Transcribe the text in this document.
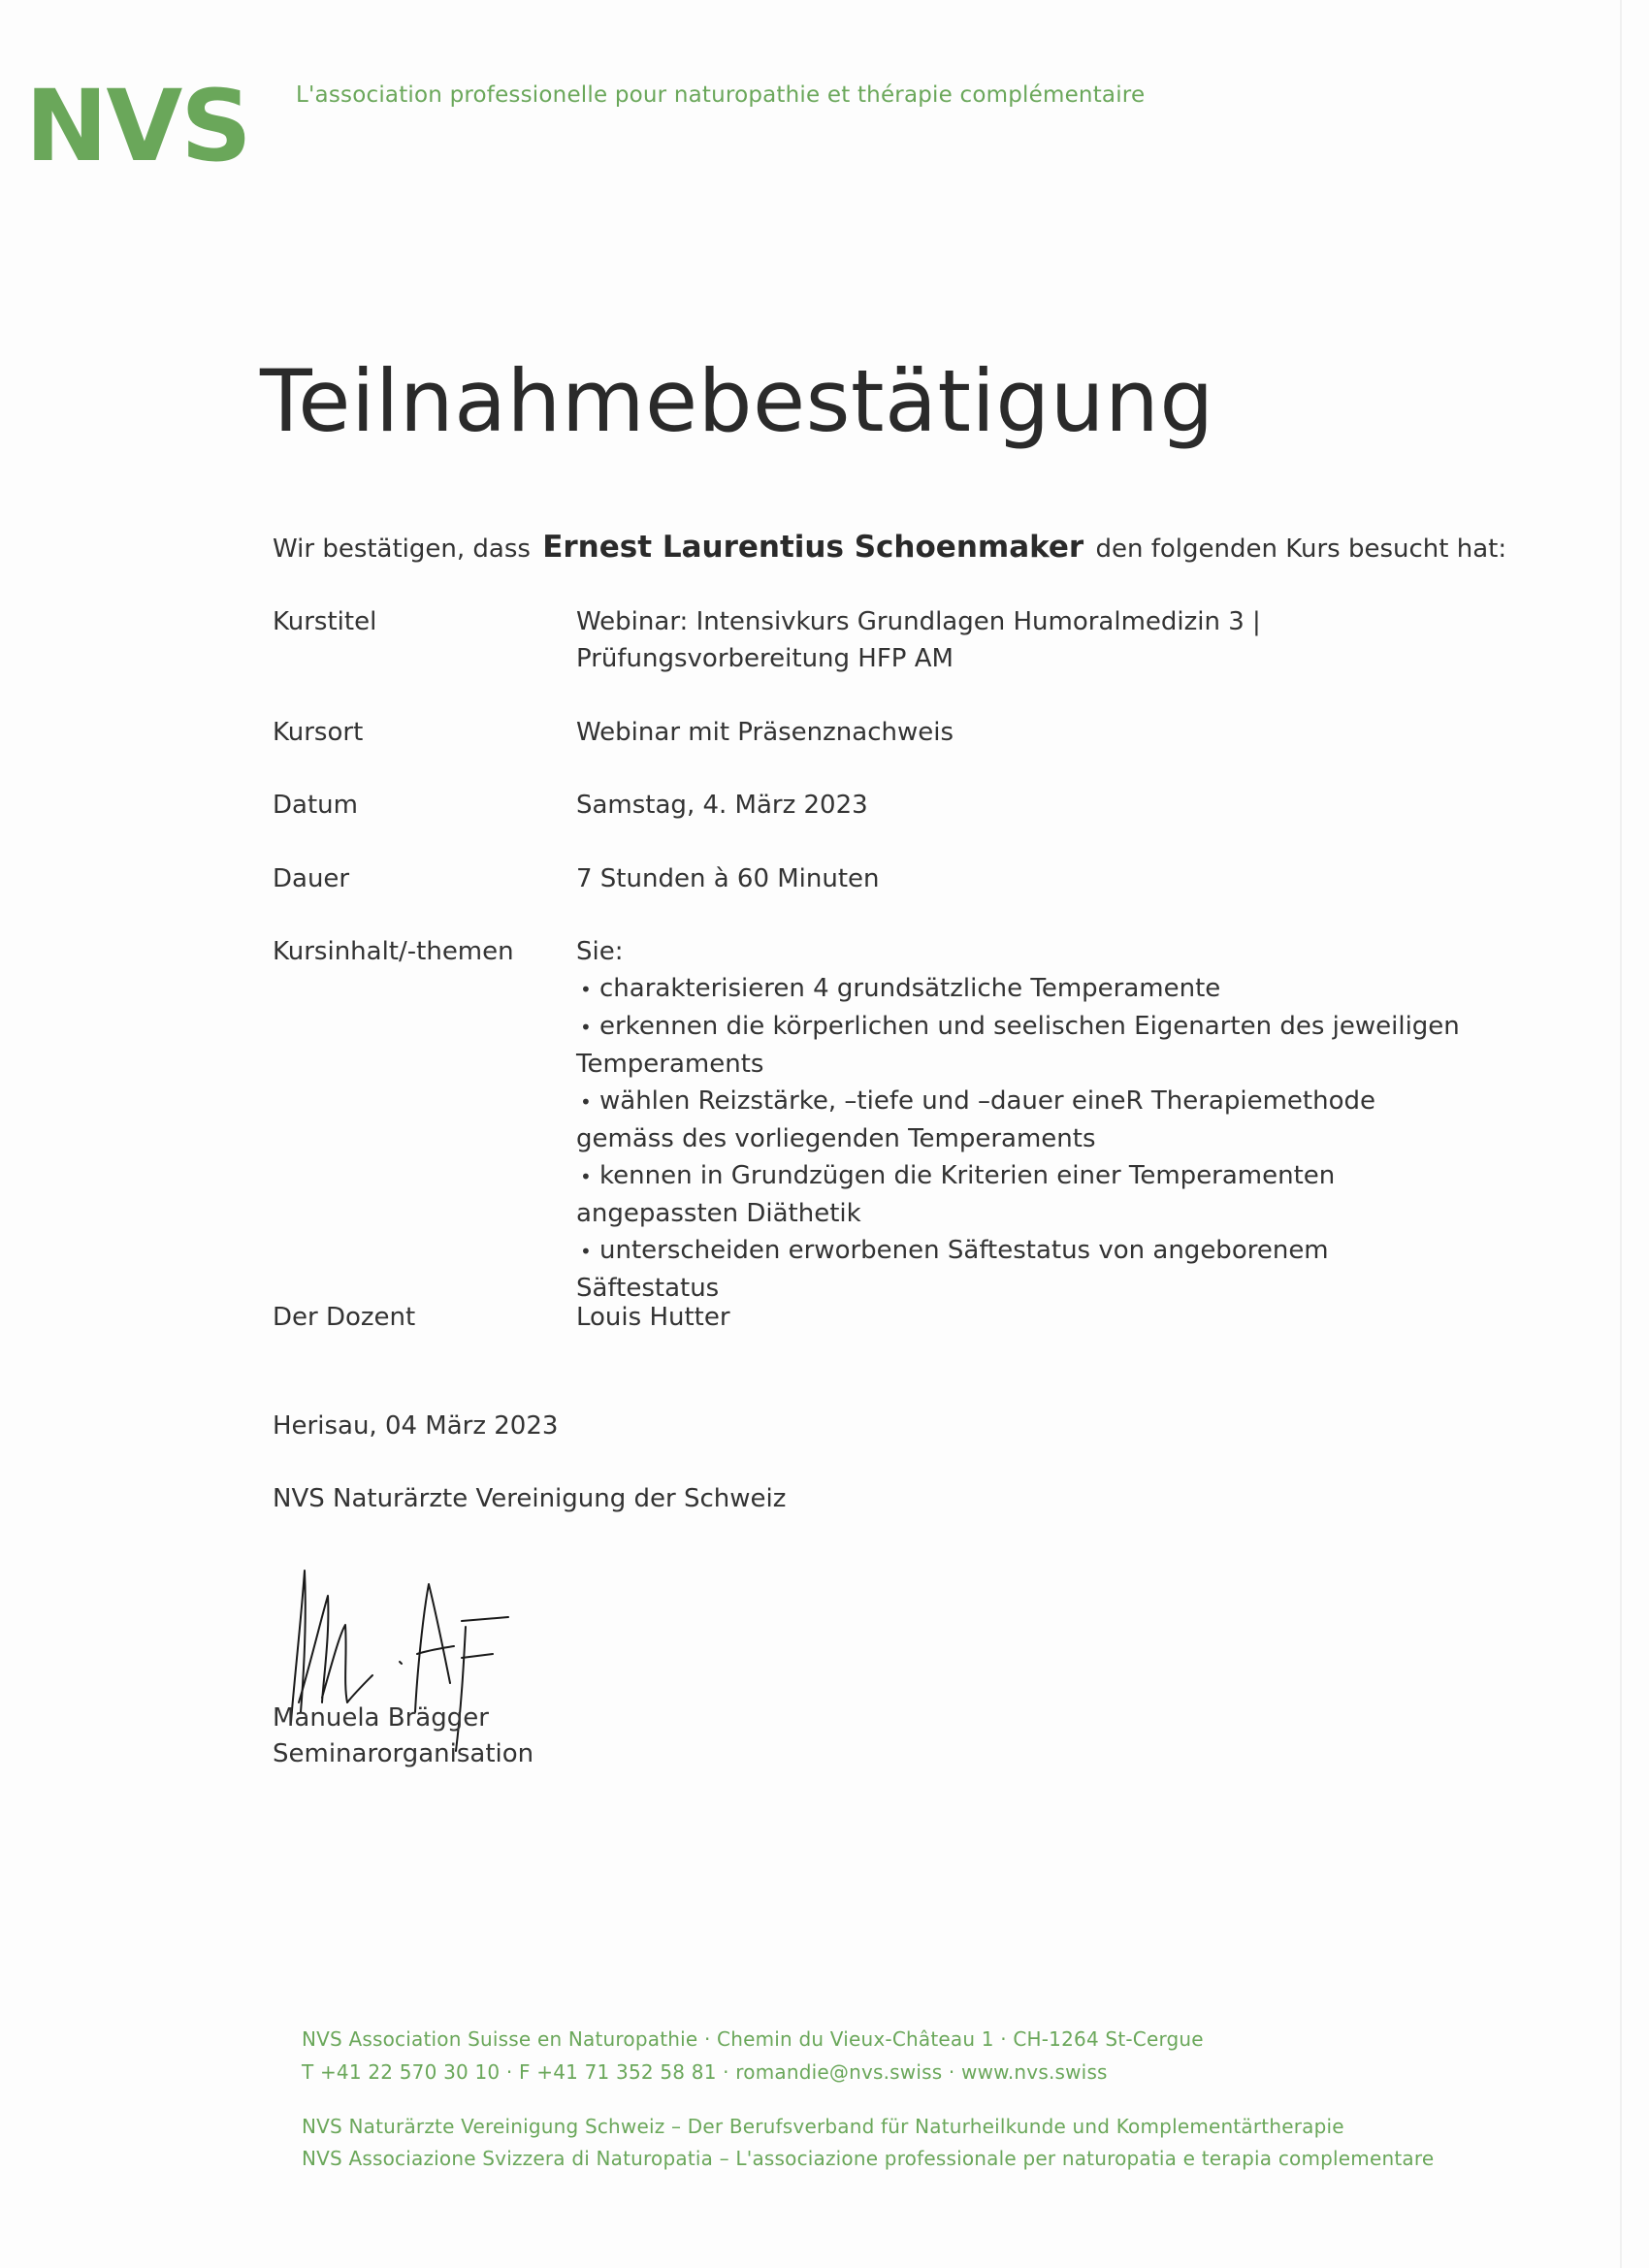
NVS L'association professionelle pour naturopathie et thérapie complémentaire
Teilnahmebestätigung
Wir bestätigen, dass Ernest Laurentius Schoenmaker den folgenden Kurs besucht hat:
Kurstitel	Webinar: Intensivkurs Grundlagen Humoralmedizin 3 |
Prüfungsvorbereitung HFP AM
Kursort	Webinar mit Präsenznachweis
Datum	Samstag, 4. März 2023
Dauer	7 Stunden à 60 Minuten
Kursinhalt/-themen	Sie:
• charakterisieren 4 grundsätzliche Temperamente
• erkennen die körperlichen und seelischen Eigenarten des jeweiligen Temperaments
• wählen Reizstärke, –tiefe und –dauer eineR Therapiemethode gemäss des vorliegenden Temperaments
• kennen in Grundzügen die Kriterien einer Temperamenten angepassten Diäthetik
• unterscheiden erworbenen Säftestatus von angeborenem Säftestatus
Der Dozent	Louis Hutter
Herisau, 04 März 2023
NVS Naturärzte Vereinigung der Schweiz
Manuela Brägger
Seminarorganisation
NVS Association Suisse en Naturopathie · Chemin du Vieux-Château 1 · CH-1264 St-Cergue
T +41 22 570 30 10 · F +41 71 352 58 81 · romandie@nvs.swiss · www.nvs.swiss
NVS Naturärzte Vereinigung Schweiz – Der Berufsverband für Naturheilkunde und Komplementärtherapie
NVS Associazione Svizzera di Naturopatia – L'associazione professionale per naturopatia e terapia complementare
